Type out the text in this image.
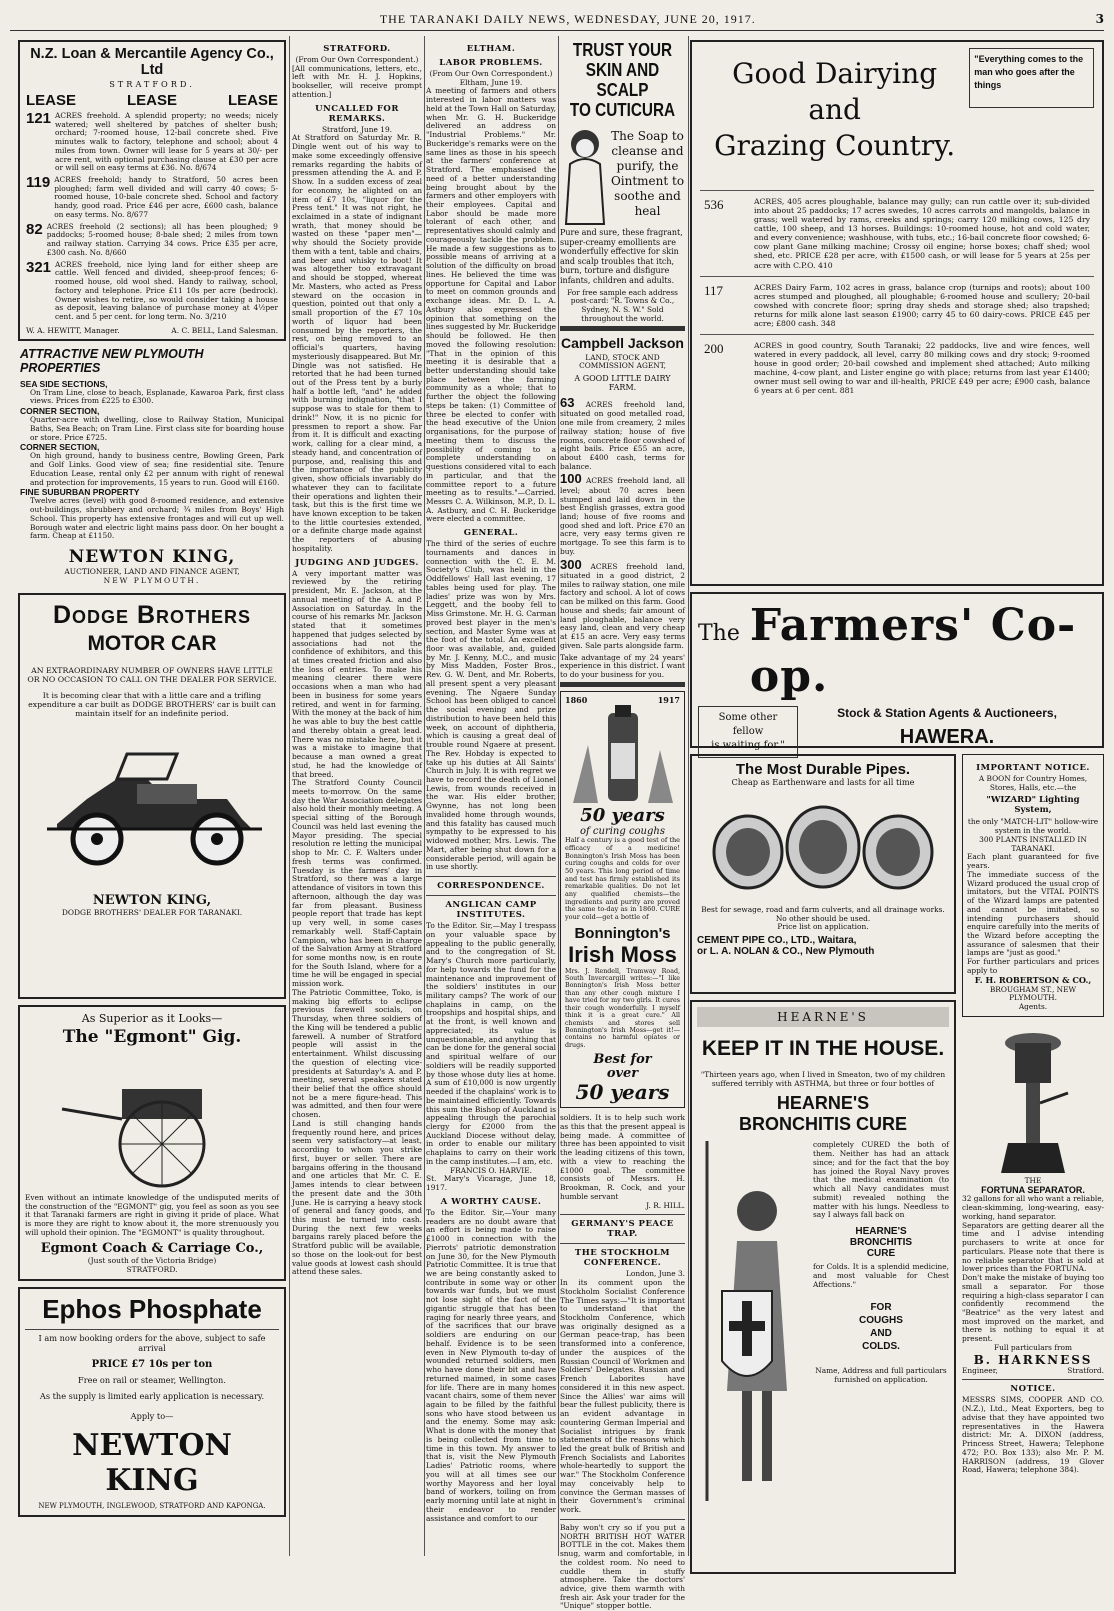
THE TARANAKI DAILY NEWS, WEDNESDAY, JUNE 20, 1917.	3
N.Z. Loan & Mercantile Agency Co., Ltd
STRATFORD.
LEASE	LEASE	LEASE
121 ACRES freehold. A splendid property; no weeds; nicely watered; well sheltered by patches of shelter bush; orchard; 7-roomed house, 12-bail concrete shed. Five minutes walk to factory, telephone and school; about 4 miles from town. Owner will lease for 5 years at 30/- per acre rent, with optional purchasing clause at £30 per acre or will sell on easy terms at £36. No. 8/674
119 ACRES freehold; handy to Stratford, 50 acres been ploughed; farm well divided and will carry 40 cows; 5-roomed house, 10-bale concrete shed. School and factory handy, good road. Price £46 per acre, £600 cash, balance on easy terms. No. 8/677
82 ACRES freehold (2 sections); all has been ploughed; 9 paddocks; 5-roomed house; 8-bale shed; 2 miles from town and railway station. Carrying 34 cows. Price £35 per acre, £300 cash. No. 8/660
321 ACRES freehold, nice lying land for either sheep are cattle. Well fenced and divided, sheep-proof fences; 6-roomed house, old wool shed. Handy to railway, school, factory and telephone. Price £11 10s per acre (bedrock). Owner wishes to retire, so would consider taking a house as deposit, leaving balance of purchase money at 4½per cent. and 5 per cent. for long term. No. 3/210
W. A. HEWITT, Manager.	A. C. BELL, Land Salesman.
ATTRACTIVE NEW PLYMOUTH PROPERTIES
SEA SIDE SECTIONS,
On Tram Line, close to beach, Esplanade, Kawaroa Park, first class views. Prices from £225 to £300.
CORNER SECTION,
Quarter-acre with dwelling, close to Railway Station, Municipal Baths, Sea Beach; on Tram Line. First class site for boarding house or store. Price £725.
CORNER SECTION,
On high ground, handy to business centre, Bowling Green, Park and Golf Links. Good view of sea; fine residential site. Tenure Education Lease, rental only £2 per annum with right of renewal and protection for improvements, 15 years to run. Good will £160.
FINE SUBURBAN PROPERTY
Twelve acres (level) with good 8-roomed residence, and extensive out-buildings, shrubbery and orchard; ¾ miles from Boys' High School. This property has extensive frontages and will cut up well. Borough water and electric light mains pass door. On her bought a farm. Cheap at £1150.
NEWTON KING,
AUCTIONEER, LAND AND FINANCE AGENT,
NEW PLYMOUTH.
Dodge Brothers
MOTOR CAR
AN EXTRAORDINARY NUMBER OF OWNERS HAVE LITTLE OR NO OCCASION TO CALL ON THE DEALER FOR SERVICE.
It is becoming clear that with a little care and a trifling expenditure a car built as DODGE BROTHERS' car is built can maintain itself for an indefinite period.
NEWTON KING,
DODGE BROTHERS' DEALER FOR TARANAKI.
As Superior as it Looks—
The "Egmont" Gig.
Even without an intimate knowledge of the undisputed merits of the construction of the "EGMONT" gig, you feel as soon as you see it that Taranaki farmers are right in giving it pride of place. What is more they are right to know about it, the more strenuously you will uphold their opinion. The "EGMONT" is quality throughout.
Egmont Coach & Carriage Co.,
(Just south of the Victoria Bridge)
STRATFORD.
Ephos Phosphate
I am now booking orders for the above, subject to safe arrival
PRICE £7 10s per ton
Free on rail or steamer, Wellington.
As the supply is limited early application is necessary.
Apply to—
NEWTON KING
NEW PLYMOUTH, INGLEWOOD, STRATFORD AND KAPONGA.
STRATFORD.
(From Our Own Correspondent.)
[All communications, letters, etc., left with Mr. H. J. Hopkins, bookseller, will receive prompt attention.]
UNCALLED FOR REMARKS.
Stratford, June 19.
At Stratford on Saturday Mr. R. Dingle went out of his way to make some exceedingly offensive remarks regarding the habits of pressmen attending the A. and P. Show. In a sudden excess of zeal for economy, he alighted on an item of £7 10s, "liquor for the Press tent." It was not right, he exclaimed in a state of indignant wrath, that money should be wasted on these "paper men"—why should the Society provide them with a tent, table and chairs, and beer and whisky to boot! It was altogether too extravagant and should be stopped, whereat Mr. Masters, who acted as Press steward on the occasion in question, pointed out that only a small proportion of the £7 10s worth of liquor had been consumed by the reporters, the rest, on being removed to an official's quarters, having mysteriously disappeared. But Mr. Dingle was not satisfied. He retorted that he had been turned out of the Press tent by a burly half a bottle left, "and" he added with burning indignation, "that I suppose was to stale for them to drink!" Now, it is no picnic for pressmen to report a show. Far from it. It is difficult and exacting work, calling for a clear mind, a steady hand, and concentration of purpose, and, realising this and the importance of the publicity given, show officials invariably do whatever they can to facilitate their operations and lighten their task, but this is the first time we have known exception to be taken to the little courtesies extended, or a definite charge made against the reporters of abusing hospitality.
JUDGING AND JUDGES.
A very important matter was reviewed by the retiring president, Mr. E. Jackson, at the annual meeting of the A. and P. Association on Saturday. In the course of his remarks Mr. Jackson stated that it sometimes happened that judges selected by associations had not the confidence of exhibitors, and this at times created friction and also the loss of entries. To make his meaning clearer there were occasions when a man who had been in business for some years retired, and went in for farming. With the money at the back of him he was able to buy the best cattle and thereby obtain a great lead. There was no mistake here, but it was a mistake to imagine that because a man owned a great stud, he had the knowledge of that breed.
The Stratford County Council meets to-morrow. On the same day the War Association delegates also hold their monthly meeting. A special sitting of the Borough Council was held last evening the Mayor presiding. The special resolution re letting the municipal shop to Mr. C. F. Walters under fresh terms was confirmed. Tuesday is the farmers' day in Stratford, so there was a large attendance of visitors in town this afternoon, although the day was far from pleasant. Business people report that trade has kept up very well, in some cases remarkably well. Staff-Captain Campion, who has been in charge of the Salvation Army at Stratford for some months now, is en route for the South Island, where for a time he will be engaged in special mission work.
The Patriotic Committee, Toko, is making big efforts to eclipse previous farewell socials, on Thursday, when three soldiers of the King will be tendered a public farewell. A number of Stratford people will assist in the entertainment. Whilst discussing the question of electing vice-presidents at Saturday's A. and P. meeting, several speakers stated their belief that the office should not be a mere figure-head. This was admitted, and then four were chosen.
Land is still changing hands frequently round here, and prices seem very satisfactory—at least, according to whom you strike first, buyer or seller. There are bargains offering in the thousand and one articles that Mr. C. E. James intends to clear between the present date and the 30th June. He is carrying a heavy stock of general and fancy goods, and this must be turned into cash. During the next few weeks bargains rarely placed before the Stratford public will be available, so those on the look-out for best value goods at lowest cash should attend these sales.
ELTHAM.
LABOR PROBLEMS.
(From Our Own Correspondent.) Eltham, June 19.
A meeting of farmers and others interested in labor matters was held at the Town Hall on Saturday, when Mr. G. H. Buckeridge delivered an address on "Industrial Problems." Mr. Buckeridge's remarks were on the same lines as those in his speech at the farmers' conference at Stratford. The emphasised the need of a better understanding being brought about by the farmers and other employers with their employees. Capital and Labor should be made more tolerant of each other, and representatives should calmly and courageously tackle the problem. He made a few suggestions as to possible means of arriving at a solution of the difficulty on broad lines. He believed the time was opportune for Capital and Labor to meet on common grounds and exchange ideas. Mr. D. L. A. Astbury also expressed the opinion that something on the lines suggested by Mr. Buckeridge should be followed. He then moved the following resolution: "That in the opinion of this meeting it is desirable that a better understanding should take place between the farming community as a whole; that to further the object the following steps be taken: (1) Committee of three be elected to confer with the head executive of the Union organisations, for the purpose of meeting them to discuss the possibility of coming to a complete understanding on questions considered vital to each in particular, and that the committee report to a future meeting as to results."—Carried. Messrs C. A. Wilkinson, M.P., D. L. A. Astbury, and C. H. Buckeridge were elected a committee.
GENERAL.
The third of the series of euchre tournaments and dances in connection with the C. E. M. Society's Club, was held in the Oddfellows' Hall last evening, 17 tables being used for play. The ladies' prize was won by Mrs. Leggett, and the booby fell to Miss Grimstone. Mr. H. G. Carman proved best player in the men's section, and Master Syme was at the foot of the total. An excellent floor was available, and, guided by Mr. J. Kenny, M.C., and music by Miss Madden, Foster Bros., Rev. G. W. Dent, and Mr. Roberts, all present spent a very pleasant evening. The Ngaere Sunday School has been obliged to cancel the social evening and prize distribution to have been held this week, on account of diphtheria, which is causing a great deal of trouble round Ngaere at present. The Rev. Hobday is expected to take up his duties at All Saints' Church in July. It is with regret we have to record the death of Lionel Lewis, from wounds received in the war. His elder brother, Gwynne, has not long been invalided home through wounds, and this fatality has caused much sympathy to be expressed to his widowed mother, Mrs. Lewis. The Mart, after being shut down for a considerable period, will again be in use shortly.
CORRESPONDENCE.
ANGLICAN CAMP INSTITUTES.
To the Editor. Sir,—May I trespass on your valuable space by appealing to the public generally, and to the congregation of St. Mary's Church more particularly, for help towards the fund for the maintenance and improvement of the soldiers' institutes in our military camps? The work of our chaplains in camp, on the troopships and hospital ships, and at the front, is well known and appreciated; its value is unquestionable, and anything that can be done for the general social and spiritual welfare of our soldiers will be readily supported by those whose duty lies at home. A sum of £10,000 is now urgently needed if the chaplains' work is to be maintained efficiently. Towards this sum the Bishop of Auckland is appealing through the parochial clergy for £2000 from the Auckland Diocese without delay, in order to enable our military chaplains to carry on their work in the camp institutes.—I am, etc.
FRANCIS O. HARVIE.
St. Mary's Vicarage, June 18, 1917.
A WORTHY CAUSE.
To the Editor. Sir,—Your many readers are no doubt aware that an effort is being made to raise £1000 in connection with the Pierrots' patriotic demonstration on June 30, for the New Plymouth Patriotic Committee. It is true that we are being constantly asked to contribute in some way or other towards war funds, but we must not lose sight of the fact of the gigantic struggle that has been raging for nearly three years, and of the sacrifices that our brave soldiers are enduring on our behalf. Evidence is to be seen even in New Plymouth to-day of wounded returned soldiers, men who have done their bit and have returned maimed, in some cases for life. There are in many homes vacant chairs, some of them never again to be filled by the faithful sons who have stood between us and the enemy. Some may ask: What is done with the money that is being collected from time to time in this town. My answer to that is, visit the New Plymouth Ladies' Patriotic rooms, where you will at all times see our worthy Mayoress and her loyal band of workers, toiling on from early morning until late at night in their endeavor to render assistance and comfort to our
TRUST YOUR
SKIN AND SCALP
TO CUTICURA
The Soap to
cleanse and
purify, the
Ointment to
soothe and
heal
Pure and sure, these fragrant, super-creamy emollients are wonderfully effective for skin and scalp troubles that itch, burn, torture and disfigure infants, children and adults.
For free sample each address post-card: "R. Towns & Co., Sydney, N. S. W." Sold throughout the world.
Campbell Jackson
LAND, STOCK AND COMMISSION AGENT,
A GOOD LITTLE DAIRY FARM.
63 ACRES freehold land, situated on good metalled road, one mile from creamery, 2 miles railway station; house of five rooms, concrete floor cowshed of eight bails. Price £55 an acre, about £400 cash, terms for balance.
100 ACRES freehold land, all level; about 70 acres been stumped and laid down in the best English grasses, extra good land; house of five rooms and good shed and loft. Price £70 an acre, very easy terms given re mortgage. To see this farm is to buy.
300 ACRES freehold land, situated in a good district, 2 miles to railway station, one mile factory and school. A lot of cows can be milked on this farm. Good house and sheds; fair amount of land ploughable, balance very easy land, clean and very cheap at £15 an acre. Very easy terms given. Sale parts alongside farm.
Take advantage of my 24 years' experience in this district. I want to do your business for you.
1860	1917
50 years
of curing coughs
Half a century is a good test of the efficacy of a medicine! Bonnington's Irish Moss has been curing coughs and colds for over 50 years. This long period of time and test has firmly established its remarkable qualities. Do not let any qualified chemists—the ingredients and purity are proved the same to-day as in 1860. CURE your cold—get a bottle of
Bonnington's
Irish Moss
Mrs. J. Rendell, Tramway Road, South Invercargill writes:—"I like Bonnington's Irish Moss better than any other cough mixture I have tried for my two girls. It cures their cough wonderfully. I myself think it is a great cure." All chemists and stores sell Bonnington's Irish Moss—get it!—contains no harmful opiates or drugs.
Best for
over
50 years
soldiers. It is to help such work as this that the present appeal is being made. A committee of three has been appointed to visit the leading citizens of this town, with a view to reaching the £1000 goal. The committee consists of Messrs. H. Brookman, R. Cock, and your humble servant
J. R. HILL.
GERMANY'S PEACE TRAP.
THE STOCKHOLM CONFERENCE.
London, June 3.
In its comment upon the Stockholm Socialist Conference The Times says:—"It is important to understand that the Stockholm Conference, which was originally designed as a German peace-trap, has been transformed into a conference, under the auspices of the Russian Council of Workmen and Soldiers' Delegates. Russian and French Laborites have considered it in this new aspect. Since the Allies' war aims will bear the fullest publicity, there is an evident advantage in countering German Imperial and Socialist intrigues by frank statements of the reasons which led the great bulk of British and French Socialists and Laborites whole-heartedly to support the war." The Stockholm Conference may conceivably help to convince the German masses of their Government's criminal work.
Baby won't cry so if you put a NORTH BRITISH HOT WATER BOTTLE in the cot. Makes them snug, warm and comfortable, in the coldest room. No need to cuddle them in stuffy atmosphere. Take the doctors' advice, give them warmth with fresh air. Ask your trader for the "Unique" stopper bottle.
Good Dairying
and
Grazing Country.
"Everything comes to the man who goes after the things
536	ACRES, 405 acres ploughable, balance may gully; can run cattle over it; sub-divided into about 25 paddocks; 17 acres swedes, 10 acres carrots and mangolds, balance in grass; well watered by rams, creeks and springs; carry 120 milking cows, 125 dry cattle, 100 sheep, and 13 horses. Buildings: 10-roomed house, hot and cold water, and every convenience; washhouse, with tubs, etc.; 16-bail concrete floor cowshed; 6-cow plant Gane milking machine; Crossy oil engine; horse boxes; chaff shed; wool shed, etc. PRICE £28 per acre, with £1500 cash, or will lease for 5 years at 25s per acre with C.P.O. 410
117	ACRES Dairy Farm, 102 acres in grass, balance crop (turnips and roots); about 100 acres stumped and ploughed, all ploughable; 6-roomed house and scullery; 20-bail cowshed with concrete floor; spring dray sheds and storage shed; also trapshed; returns for milk alone last season £1900; carry 45 to 60 dairy-cows. PRICE £45 per acre; £800 cash. 348
200	ACRES in good country, South Taranaki; 22 paddocks, live and wire fences, well watered in every paddock, all level, carry 80 milking cows and dry stock; 9-roomed house in good order; 20-bail cowshed and implement shed attached; Auto milking machine, 4-cow plant, and Lister engine go with place; returns from last year £1400; owner must sell owing to war and ill-health, PRICE £49 per acre; £900 cash, balance 6 years at 6 per cent. 881
The Farmers' Co-op.
Some other
fellow
is waiting for."
Stock & Station Agents & Auctioneers,
HAWERA.
The Most Durable Pipes.
Cheap as Earthenware and lasts for all time
Best for sewage, road and farm culverts, and all drainage works. No other should be used.
Price list on application.
CEMENT PIPE CO., LTD., Waitara,
or L. A. NOLAN & CO., New Plymouth
HEARNE'S
KEEP IT IN THE HOUSE.
"Thirteen years ago, when I lived in Smeaton, two of my children suffered terribly with ASTHMA, but three or four bottles of
HEARNE'S
BRONCHITIS CURE
completely CURED the both of them. Neither has had an attack since; and for the fact that the boy has joined the Royal Navy proves that the medical examination (to which all Navy candidates must submit) revealed nothing the matter with his lungs. Needless to say I always fall back on
HEARNE'S
BRONCHITIS
CURE
for Colds. It is a splendid medicine, and most valuable for Chest Affections."
FOR
COUGHS
AND
COLDS.
Name, Address and full particulars furnished on application.
IMPORTANT NOTICE.
A BOON for Country Homes, Stores, Halls, etc.—the
"WIZARD" Lighting System,
the only "MATCH-LIT" hollow-wire system in the world.
300 PLANTS INSTALLED IN TARANAKI.
Each plant guaranteed for five years.
The immediate success of the Wizard produced the usual crop of imitators, but the VITAL POINTS of the Wizard lamps are patented and cannot be imitated, so intending purchasers should enquire carefully into the merits of the Wizard before accepting the assurance of salesmen that their lamps are "just as good."
For further particulars and prices apply to
F. H. ROBERTSON & CO.,
BROUGHAM ST., NEW PLYMOUTH.
Agents.
THE
FORTUNA SEPARATOR.
32 gallons for all who want a reliable, clean-skimming, long-wearing, easy-working, hand separator.
Separators are getting dearer all the time and I advise intending purchasers to write at once for particulars. Please note that there is no reliable separator that is sold at lower prices than the FORTUNA.
Don't make the mistake of buying too small a separator. For those requiring a high-class separator I can confidently recommend the "Beatrice" as the very latest and most improved on the market, and there is nothing to equal it at present.
Full particulars from
B. HARKNESS
Engineer,	Stratford.
NOTICE.
MESSRS SIMS, COOPER AND CO. (N.Z.), Ltd., Meat Exporters, beg to advise that they have appointed two representatives in the Hawera district: Mr. A. DIXON (address, Princess Street, Hawera; Telephone 472; P.O. Box 133); also Mr. P. M. HARRISON (address, 19 Glover Road, Hawera; telephone 384).
